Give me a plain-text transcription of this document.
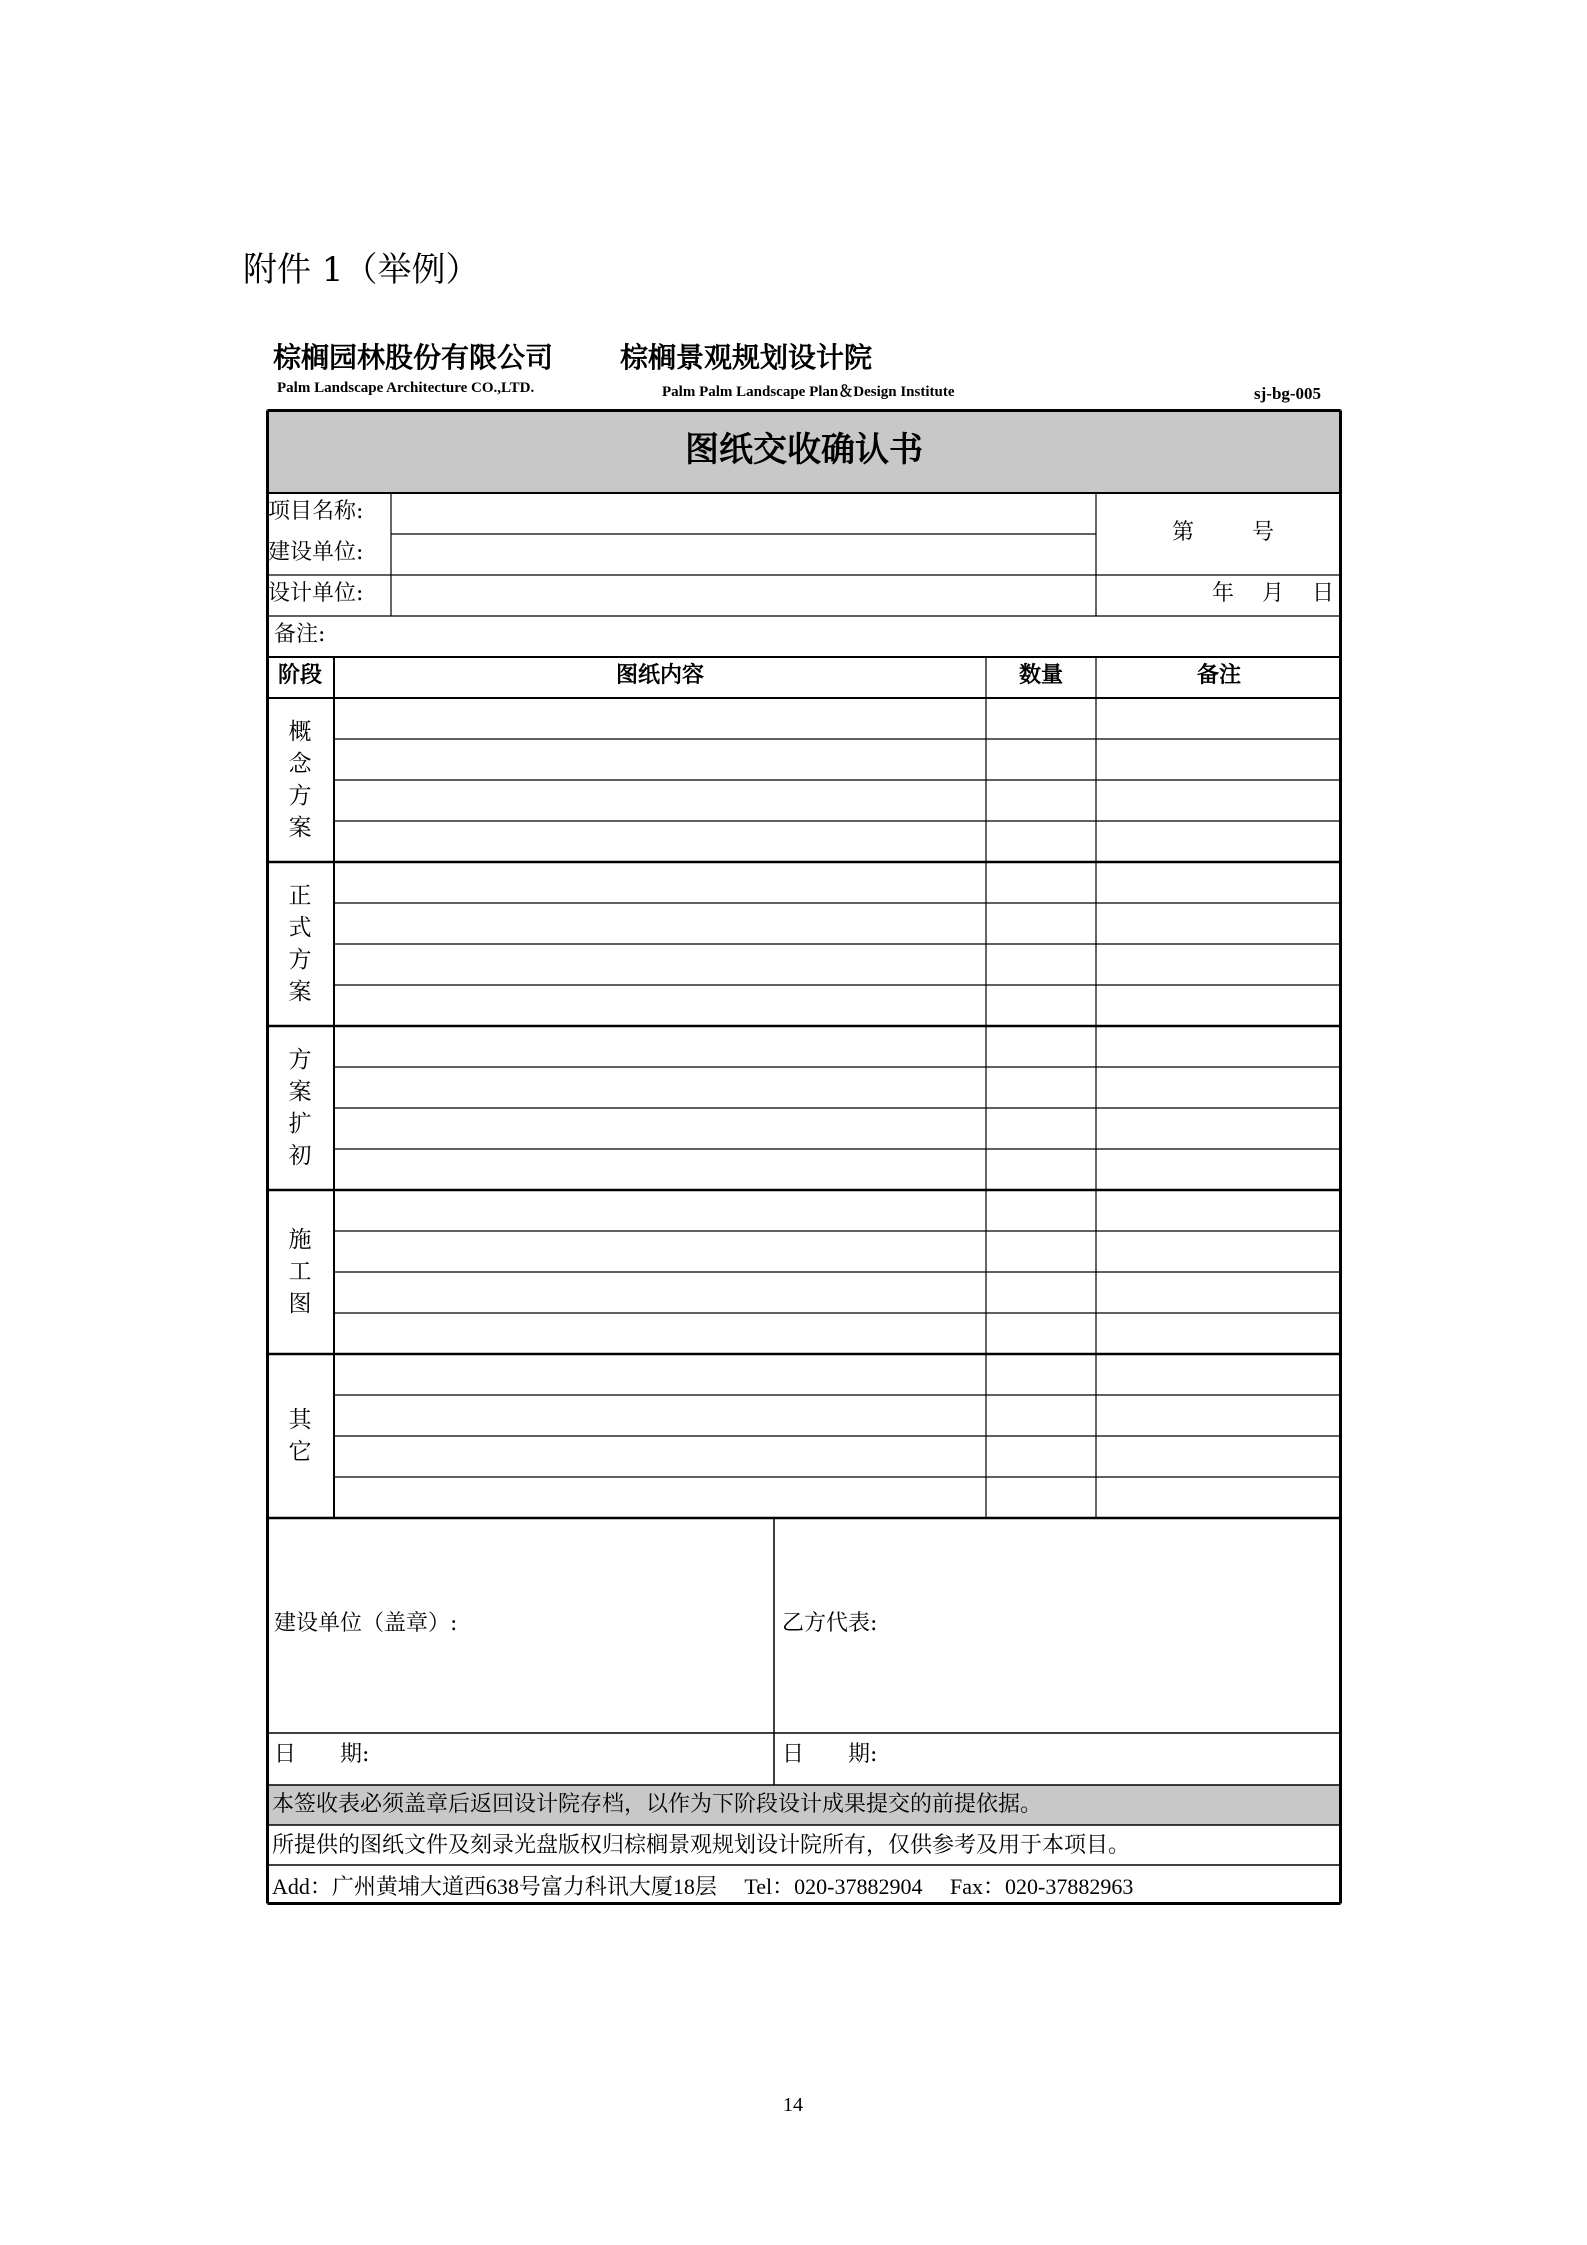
附件 1（举例）
棕榈园林股份有限公司 棕榈景观规划设计院
Palm Landscape Architecture CO.,LTD.	Palm Palm Landscape Plan＆Design Institute	sj-bg-005
图纸交收确认书
项目名称:
建设单位:
设计单位:
第	号
年 月 日
备注:
阶段	图纸内容	数量	备注
概
念
方
案
正
式
方
案
方
案
扩
初
施
工
图
其
它
建设单位（盖章）:	乙方代表:
日　　期:	日　　期:
本签收表必须盖章后返回设计院存档，以作为下阶段设计成果提交的前提依据。
所提供的图纸文件及刻录光盘版权归棕榈景观规划设计院所有，仅供参考及用于本项目。
Add：广州黄埔大道西638号富力科讯大厦18层　 Tel：020-37882904　 Fax：020-37882963
14
